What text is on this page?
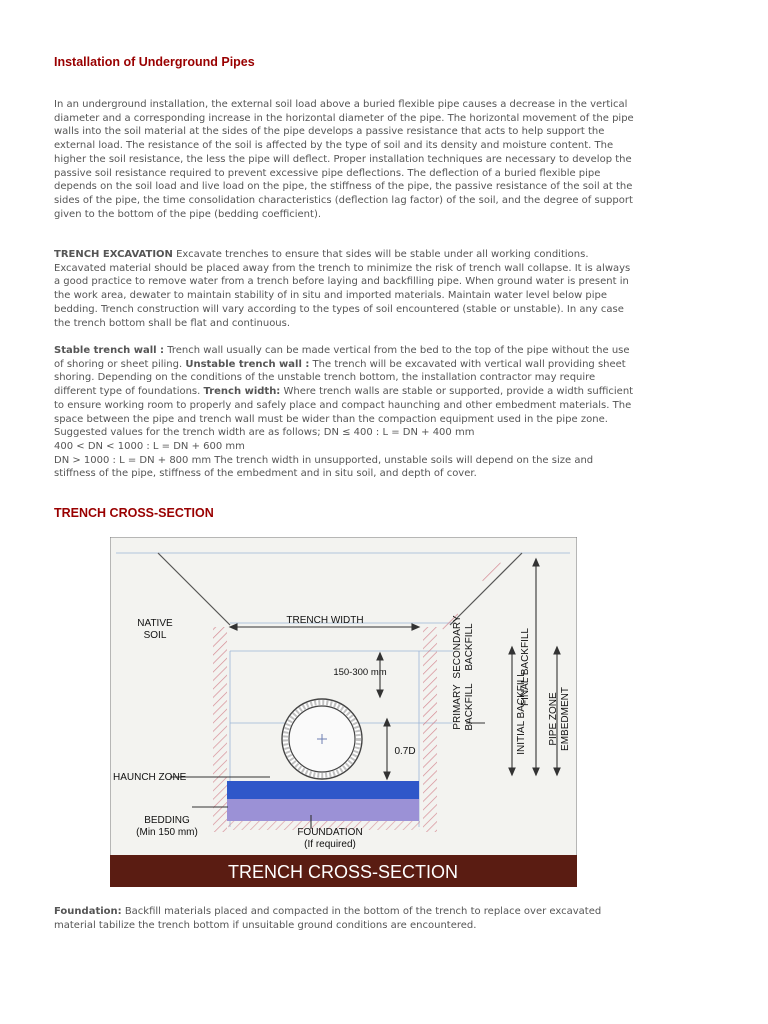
Installation of Underground Pipes

In an underground installation, the external soil load above a buried flexible pipe causes a decrease in the vertical diameter and a corresponding increase in the horizontal diameter of the pipe. The horizontal movement of the pipe walls into the soil material at the sides of the pipe develops a passive resistance that acts to help support the external load. The resistance of the soil is affected by the type of soil and its density and moisture content. The higher the soil resistance, the less the pipe will deflect. Proper installation techniques are necessary to develop the passive soil resistance required to prevent excessive pipe deflections. The deflection of a buried flexible pipe depends on the soil load and live load on the pipe, the stiffness of the pipe, the passive resistance of the soil at the sides of the pipe, the time consolidation characteristics (deflection lag factor) of the soil, and the degree of support given to the bottom of the pipe (bedding coefficient).

TRENCH EXCAVATION Excavate trenches to ensure that sides will be stable under all working conditions. Excavated material should be placed away from the trench to minimize the risk of trench wall collapse. It is always a good practice to remove water from a trench before laying and backfilling pipe. When ground water is present in the work area, dewater to maintain stability of in situ and imported materials. Maintain water level below pipe bedding. Trench construction will vary according to the types of soil encountered (stable or unstable). In any case the trench bottom shall be flat and continuous.

Stable trench wall : Trench wall usually can be made vertical from the bed to the top of the pipe without the use of shoring or sheet piling. Unstable trench wall : The trench will be excavated with vertical wall providing sheet shoring. Depending on the conditions of the unstable trench bottom, the installation contractor may require different type of foundations. Trench width: Where trench walls are stable or supported, provide a width sufficient to ensure working room to properly and safely place and compact haunching and other embedment materials. The space between the pipe and trench wall must be wider than the compaction equipment used in the pipe zone. Suggested values for the trench width are as follows; DN ≤ 400 : L = DN + 400 mm
400 < DN < 1000 : L = DN + 600 mm
DN > 1000 : L = DN + 800 mm The trench width in unsupported, unstable soils will depend on the size and stiffness of the pipe, stiffness of the embedment and in situ soil, and depth of cover.

TRENCH CROSS-SECTION
NATIVE
SOIL
TRENCH WIDTH
150-300 mm
0.7D
HAUNCH ZONE
BEDDING
(Min 150 mm)	FOUNDATION
(If required)
FINAL BACKFILL
PRIMARY BACKFILL
SECONDARY BACKFILL
INITIAL BACKFILL PIPE ZONE EMBEDMENT
TRENCH CROSS-SECTION

Foundation: Backfill materials placed and compacted in the bottom of the trench to replace over excavated material tabilize the trench bottom if unsuitable ground conditions are encountered.
